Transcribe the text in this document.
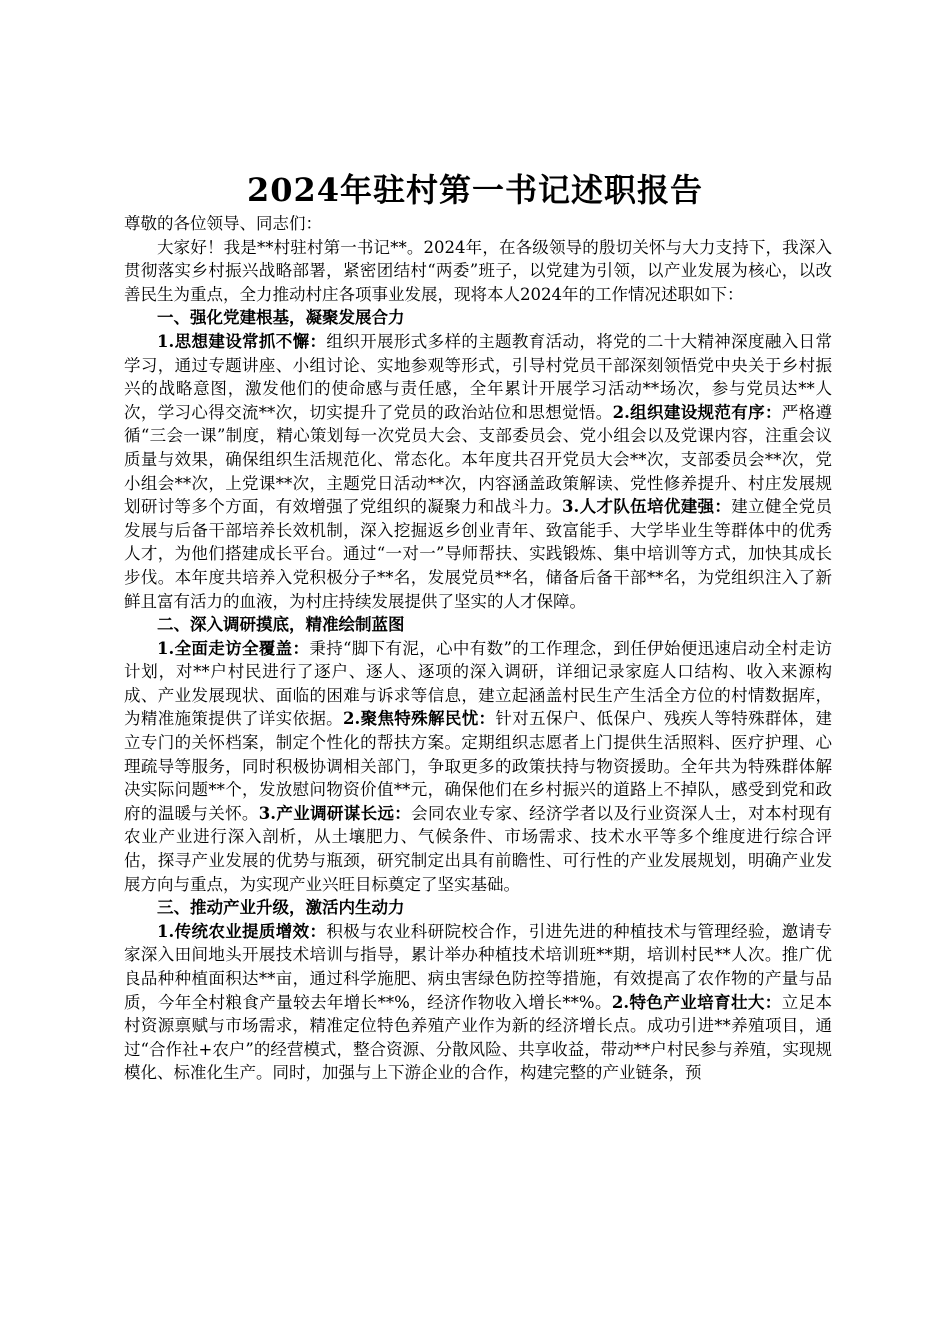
2024年驻村第一书记述职报告

尊敬的各位领导、同志们：

大家好！我是**村驻村第一书记**。2024年，在各级领导的殷切关怀与大力支持下，我深入贯彻落实乡村振兴战略部署，紧密团结村“两委”班子，以党建为引领，以产业发展为核心，以改善民生为重点，全力推动村庄各项事业发展，现将本人2024年的工作情况述职如下：

一、强化党建根基，凝聚发展合力

1.思想建设常抓不懈：组织开展形式多样的主题教育活动，将党的二十大精神深度融入日常学习，通过专题讲座、小组讨论、实地参观等形式，引导村党员干部深刻领悟党中央关于乡村振兴的战略意图，激发他们的使命感与责任感，全年累计开展学习活动**场次，参与党员达**人次，学习心得交流**次，切实提升了党员的政治站位和思想觉悟。2.组织建设规范有序：严格遵循“三会一课”制度，精心策划每一次党员大会、支部委员会、党小组会以及党课内容，注重会议质量与效果，确保组织生活规范化、常态化。本年度共召开党员大会**次，支部委员会**次，党小组会**次，上党课**次，主题党日活动**次，内容涵盖政策解读、党性修养提升、村庄发展规划研讨等多个方面，有效增强了党组织的凝聚力和战斗力。3.人才队伍培优建强：建立健全党员发展与后备干部培养长效机制，深入挖掘返乡创业青年、致富能手、大学毕业生等群体中的优秀人才，为他们搭建成长平台。通过“一对一”导师帮扶、实践锻炼、集中培训等方式，加快其成长步伐。本年度共培养入党积极分子**名，发展党员**名，储备后备干部**名，为党组织注入了新鲜且富有活力的血液，为村庄持续发展提供了坚实的人才保障。

二、深入调研摸底，精准绘制蓝图

1.全面走访全覆盖：秉持“脚下有泥，心中有数”的工作理念，到任伊始便迅速启动全村走访计划，对**户村民进行了逐户、逐人、逐项的深入调研，详细记录家庭人口结构、收入来源构成、产业发展现状、面临的困难与诉求等信息，建立起涵盖村民生产生活全方位的村情数据库，为精准施策提供了详实依据。2.聚焦特殊解民忧：针对五保户、低保户、残疾人等特殊群体，建立专门的关怀档案，制定个性化的帮扶方案。定期组织志愿者上门提供生活照料、医疗护理、心理疏导等服务，同时积极协调相关部门，争取更多的政策扶持与物资援助。全年共为特殊群体解决实际问题**个，发放慰问物资价值**元，确保他们在乡村振兴的道路上不掉队，感受到党和政府的温暖与关怀。3.产业调研谋长远：会同农业专家、经济学者以及行业资深人士，对本村现有农业产业进行深入剖析，从土壤肥力、气候条件、市场需求、技术水平等多个维度进行综合评估，探寻产业发展的优势与瓶颈，研究制定出具有前瞻性、可行性的产业发展规划，明确产业发展方向与重点，为实现产业兴旺目标奠定了坚实基础。

三、推动产业升级，激活内生动力

1.传统农业提质增效：积极与农业科研院校合作，引进先进的种植技术与管理经验，邀请专家深入田间地头开展技术培训与指导，累计举办种植技术培训班**期，培训村民**人次。推广优良品种种植面积达**亩，通过科学施肥、病虫害绿色防控等措施，有效提高了农作物的产量与品质，今年全村粮食产量较去年增长**%，经济作物收入增长**%。2.特色产业培育壮大：立足本村资源禀赋与市场需求，精准定位特色养殖产业作为新的经济增长点。成功引进**养殖项目，通过“合作社+农户”的经营模式，整合资源、分散风险、共享收益，带动**户村民参与养殖，实现规模化、标准化生产。同时，加强与上下游企业的合作，构建完整的产业链条，预
